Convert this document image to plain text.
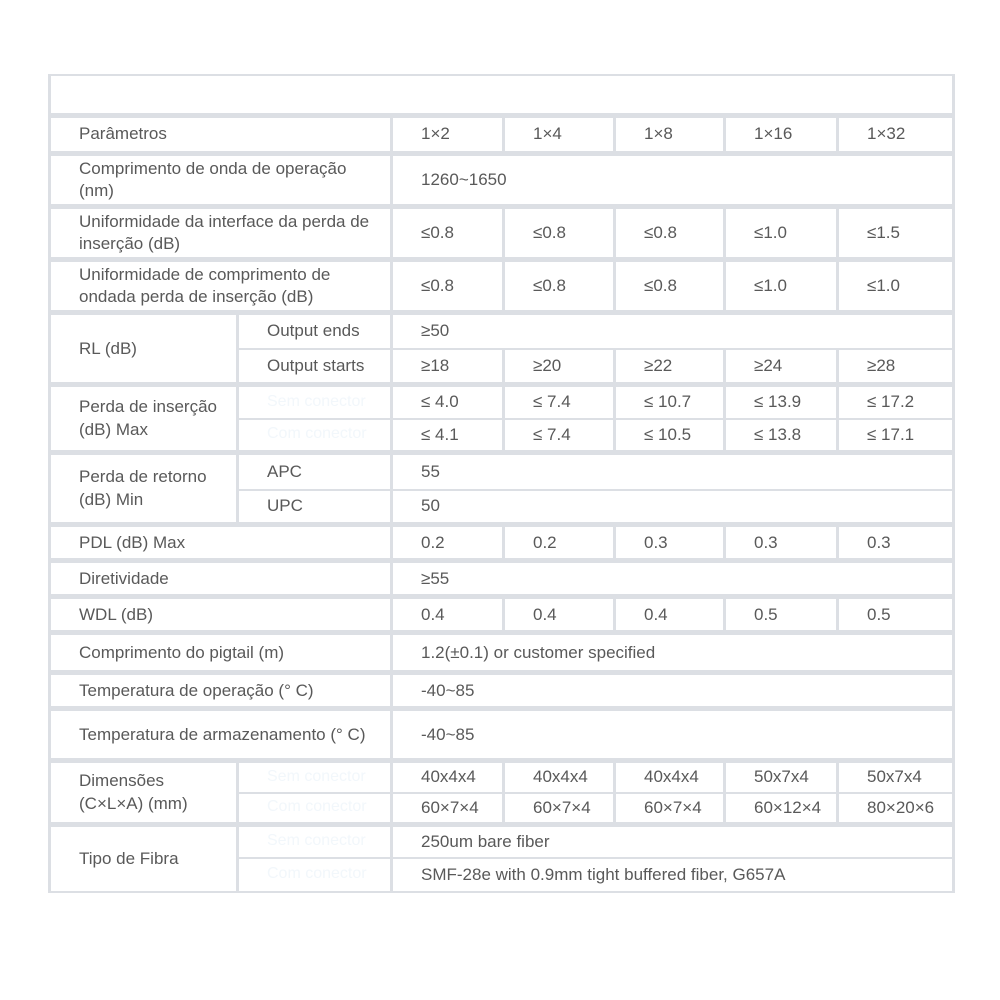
1 × N (N> 2) PLCS Parâmetros Ópticos						
Parâmetros		1×2	1×4	1×8	1×16	1×32
Comprimento de onda de operação (nm)		1260~1650				
Uniformidade da interface da perda de inserção (dB)		≤0.8	≤0.8	≤0.8	≤1.0	≤1.5
Uniformidade de comprimento de ondada perda de inserção (dB)		≤0.8	≤0.8	≤0.8	≤1.0	≤1.0
RL (dB)	Output ends	≥50				
	Output starts	≥18	≥20	≥22	≥24	≥28
Perda de inserção (dB) Max	Sem conector	≤ 4.0	≤ 7.4	≤ 10.7	≤ 13.9	≤ 17.2
	Com conector	≤ 4.1	≤ 7.4	≤ 10.5	≤ 13.8	≤ 17.1
Perda de retorno (dB) Min	APC	55				
	UPC	50				
PDL (dB) Max		0.2	0.2	0.3	0.3	0.3
Diretividade		≥55				
WDL (dB)		0.4	0.4	0.4	0.5	0.5
Comprimento do pigtail (m)		1.2(±0.1) or customer specified				
Temperatura de operação (° C)		-40~85				
Temperatura de armazenamento (° C)		-40~85				
Dimensões (C×L×A) (mm)	Sem conector	40x4x4	40x4x4	40x4x4	50x7x4	50x7x4
	Com conector	60×7×4	60×7×4	60×7×4	60×12×4	80×20×6
Tipo de Fibra	Sem conector	250um bare fiber				
	Com conector	SMF-28e with 0.9mm tight buffered fiber, G657A				
